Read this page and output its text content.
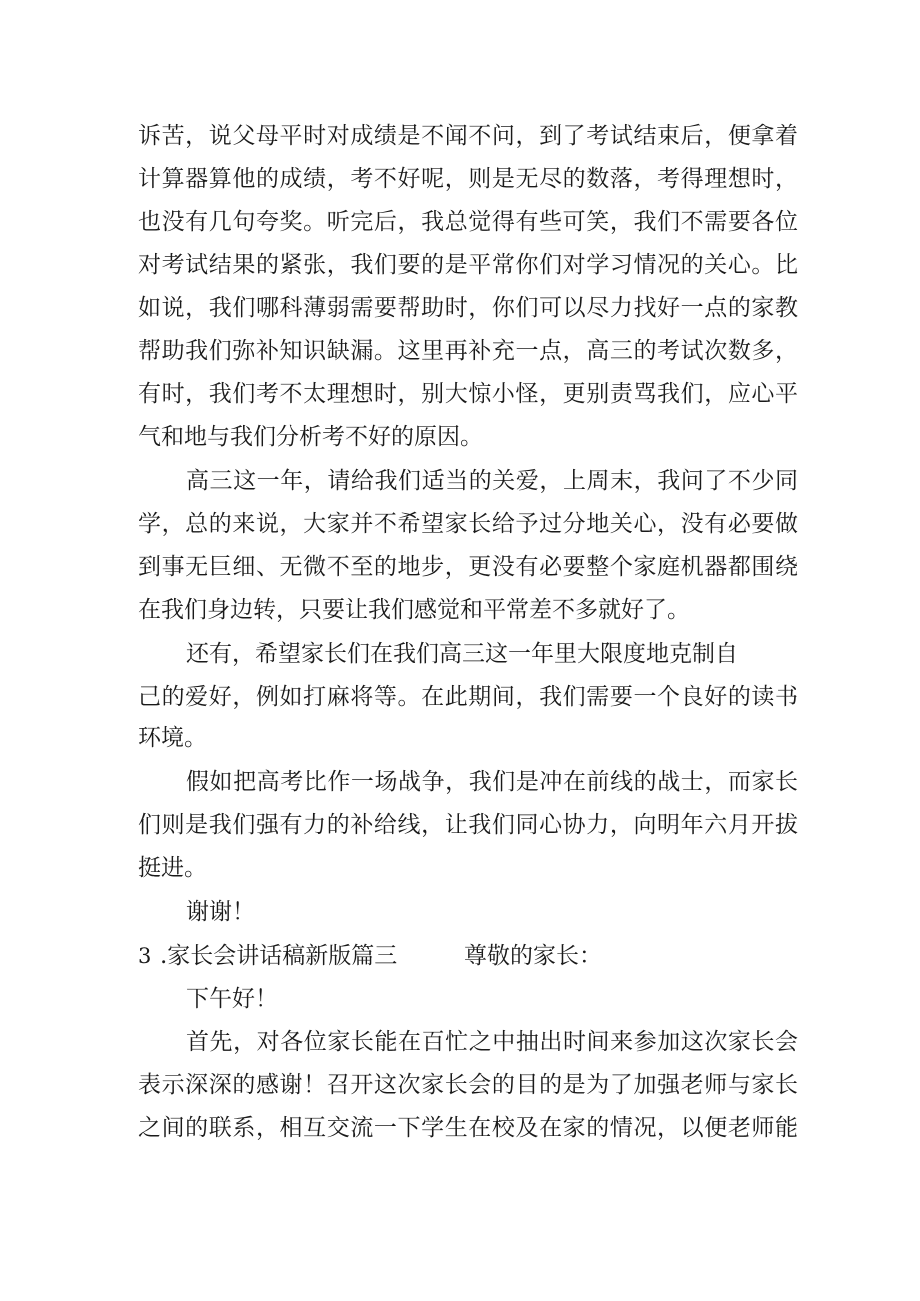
诉苦，说父母平时对成绩是不闻不问，到了考试结束后，便拿着
计算器算他的成绩，考不好呢，则是无尽的数落，考得理想时，
也没有几句夸奖。听完后，我总觉得有些可笑，我们不需要各位
对考试结果的紧张，我们要的是平常你们对学习情况的关心。比
如说，我们哪科薄弱需要帮助时，你们可以尽力找好一点的家教
帮助我们弥补知识缺漏。这里再补充一点，高三的考试次数多，
有时，我们考不太理想时，别大惊小怪，更别责骂我们，应心平
气和地与我们分析考不好的原因。
高三这一年，请给我们适当的关爱，上周末，我问了不少同
学，总的来说，大家并不希望家长给予过分地关心，没有必要做
到事无巨细、无微不至的地步，更没有必要整个家庭机器都围绕
在我们身边转，只要让我们感觉和平常差不多就好了。
还有，希望家长们在我们高三这一年里大限度地克制自
己的爱好，例如打麻将等。在此期间，我们需要一个良好的读书
环境。
假如把高考比作一场战争，我们是冲在前线的战士，而家长
们则是我们强有力的补给线，让我们同心协力，向明年六月开拔
挺进。
谢谢！
3 .家长会讲话稿新版篇三	尊敬的家长：
下午好！
首先，对各位家长能在百忙之中抽出时间来参加这次家长会
表示深深的感谢！召开这次家长会的目的是为了加强老师与家长
之间的联系，相互交流一下学生在校及在家的情况，以便老师能
